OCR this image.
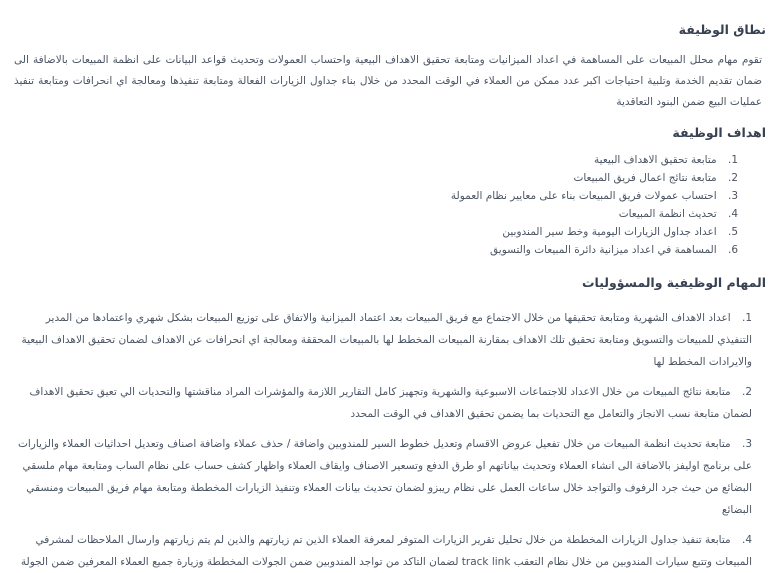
نطاق الوظيفة

تقوم مهام محلل المبيعات على المساهمة في اعداد الميزانيات ومتابعة تحقيق الاهداف البيعية واحتساب العمولات وتحديث قواعد البيانات على انظمة المبيعات بالاضافة الى ضمان تقديم الخدمة وتلبية احتياجات اكبر عدد ممكن من العملاء في الوقت المحدد من خلال بناء جداول الزيارات الفعالة ومتابعة تنفيذها ومعالجة اي انحرافات ومتابعة تنفيذ عمليات البيع ضمن البنود التعاقدية

اهداف الوظيفة
1. متابعة تحقيق الاهداف البيعية
2. متابعة نتائج اعمال فريق المبيعات
3. احتساب عمولات فريق المبيعات بناء على معايير نظام العمولة
4. تحديث انظمة المبيعات
5. اعداد جداول الزيارات اليومية وخط سير المندوبين
6. المساهمة في اعداد ميزانية دائرة المبيعات والتسويق
المهام الوظيفية والمسؤوليات
1. اعداد الاهداف الشهرية ومتابعة تحقيقها من خلال الاجتماع مع فريق المبيعات بعد اعتماد الميزانية والاتفاق على توزيع المبيعات بشكل شهري واعتمادها من المدير التنفيذي للمبيعات والتسويق ومتابعة تحقيق تلك الاهداف بمقارنة المبيعات المخطط لها بالمبيعات المحققة ومعالجة اي انحرافات عن الاهداف لضمان تحقيق الاهداف البيعية والايرادات المخطط لها
2. متابعة نتائج المبيعات من خلال الاعداد للاجتماعات الاسبوعية والشهرية وتجهيز كامل التقارير اللازمة والمؤشرات المراد مناقشتها والتحديات الي تعيق تحقيق الاهداف لضمان متابعة نسب الانجاز والتعامل مع التحديات بما يضمن تحقيق الاهداف في الوقت المحدد
3. متابعة تحديث انظمة المبيعات من خلال تفعيل عروض الاقسام وتعديل خطوط السير للمندوبين واضافة / حذف عملاء واضافة اصناف وتعديل احداثيات العملاء والزيارات على برنامج اوليفز بالاضافة الى انشاء العملاء وتحديث بياناتهم او طرق الدفع وتسعير الاصناف وايقاف العملاء واظهار كشف حساب على نظام الساب ومتابعة مهام ملسقي البضائع من حيث جرد الرفوف والتواجد خلال ساعات العمل على نظام ريبزو لضمان تحديث بيانات العملاء وتنفيذ الزيارات المخططة ومتابعة مهام فريق المبيعات ومنسقي البضائع
4. متابعة تنفيذ جداول الزيارات المخططة من خلال تحليل تقرير الزيارات المتوفر لمعرفة العملاء الذين تم زيارتهم والذين لم يتم زيارتهم وارسال الملاحظات لمشرفي المبيعات وتتبع سيارات المندوبين من خلال نظام التعقب track link لضمان التاكد من تواجد المندوبين ضمن الجولات المخططة وزيارة جميع العملاء المعرفين ضمن الجولة
